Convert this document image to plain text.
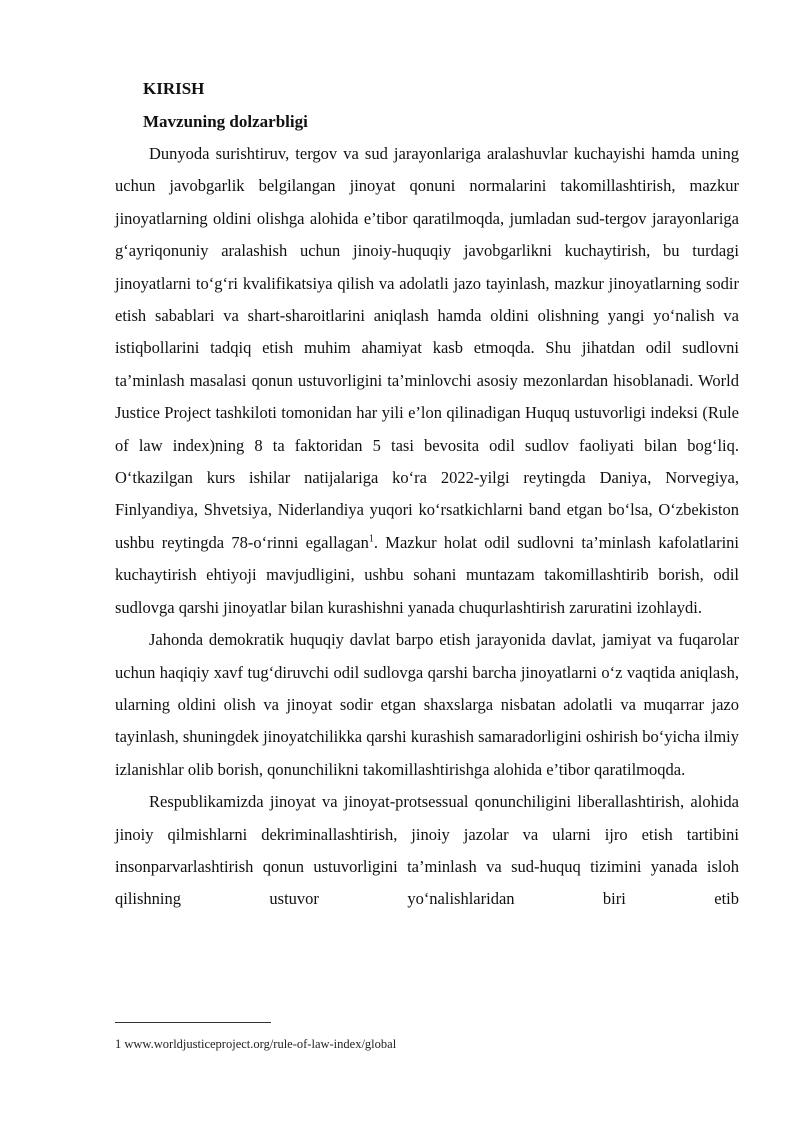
KIRISH
Mavzuning dolzarbligi

Dunyoda surishtiruv, tergov va sud jarayonlariga aralashuvlar kuchayishi hamda uning uchun javobgarlik belgilangan jinoyat qonuni normalarini takomillashtirish, mazkur jinoyatlarning oldini olishga alohida e’tibor qaratilmoqda, jumladan sud-tergov jarayonlariga g‘ayriqonuniy aralashish uchun jinoiy-huquqiy javobgarlikni kuchaytirish, bu turdagi jinoyatlarni to‘g‘ri kvalifikatsiya qilish va adolatli jazo tayinlash, mazkur jinoyatlarning sodir etish sabablari va shart-sharoitlarini aniqlash hamda oldini olishning yangi yo‘nalish va istiqbollarini tadqiq etish muhim ahamiyat kasb etmoqda. Shu jihatdan odil sudlovni ta’minlash masalasi qonun ustuvorligini ta’minlovchi asosiy mezonlardan hisoblanadi. World Justice Project tashkiloti tomonidan har yili e’lon qilinadigan Huquq ustuvorligi indeksi (Rule of law index)ning 8 ta faktoridan 5 tasi bevosita odil sudlov faoliyati bilan bog‘liq. O‘tkazilgan kurs ishilar natijalariga ko‘ra 2022-yilgi reytingda Daniya, Norvegiya, Finlyandiya, Shvetsiya, Niderlandiya yuqori ko‘rsatkichlarni band etgan bo‘lsa, O‘zbekiston ushbu reytingda 78-o‘rinni egallagan$^1$. Mazkur holat odil sudlovni ta’minlash kafolatlarini kuchaytirish ehtiyoji mavjudligini, ushbu sohani muntazam takomillashtirib borish, odil sudlovga qarshi jinoyatlar bilan kurashishni yanada chuqurlashtirish zaruratini izohlaydi.

Jahonda demokratik huquqiy davlat barpo etish jarayonida davlat, jamiyat va fuqarolar uchun haqiqiy xavf tug‘diruvchi odil sudlovga qarshi barcha jinoyatlarni o‘z vaqtida aniqlash, ularning oldini olish va jinoyat sodir etgan shaxslarga nisbatan adolatli va muqarrar jazo tayinlash, shuningdek jinoyatchilikka qarshi kurashish samaradorligini oshirish bo‘yicha ilmiy izlanishlar olib borish, qonunchilikni takomillashtirishga alohida e’tibor qaratilmoqda.

Respublikamizda jinoyat va jinoyat-protsessual qonunchiligini liberallashtirish, alohida jinoiy qilmishlarni dekriminallashtirish, jinoiy jazolar va ularni ijro etish tartibini insonparvarlashtirish qonun ustuvorligini ta’minlash va sud-huquq tizimini yanada isloh qilishning ustuvor yo‘nalishlaridan biri etib

1 www.worldjusticeproject.org/rule-of-law-index/global
